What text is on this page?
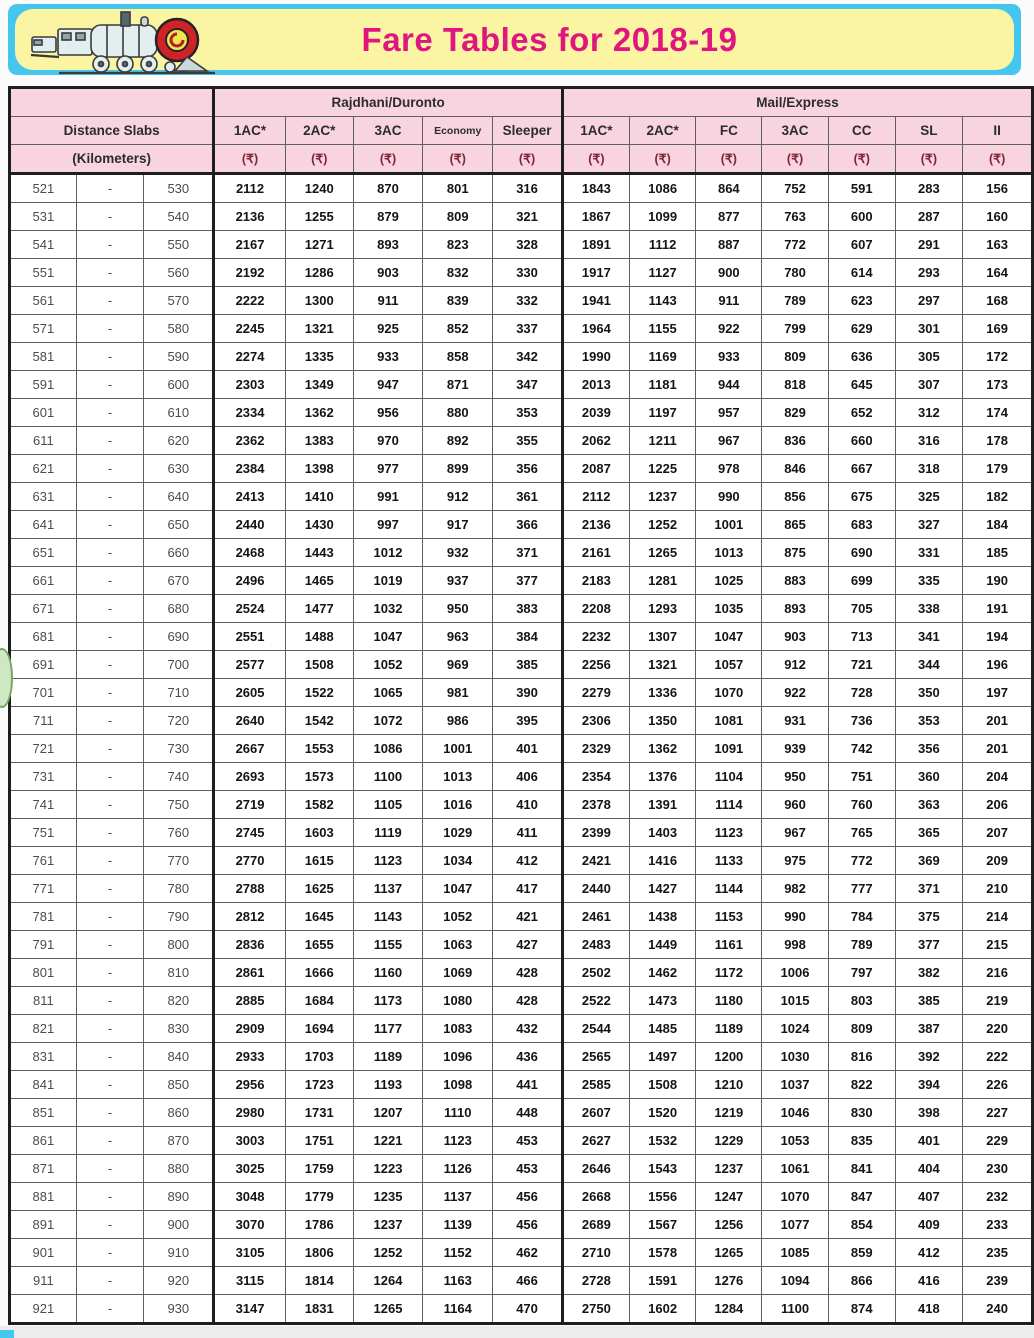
Fare Tables for 2018-19
			Rajdhani/Duronto					Mail/Express						
Distance Slabs			1AC*	2AC*	3AC	Economy	Sleeper	1AC*	2AC*	FC	3AC	CC	SL	II
(Kilometers)			(₹)	(₹)	(₹)	(₹)	(₹)	(₹)	(₹)	(₹)	(₹)	(₹)	(₹)	(₹)
521	-	530	2112	1240	870	801	316	1843	1086	864	752	591	283	156
531	-	540	2136	1255	879	809	321	1867	1099	877	763	600	287	160
541	-	550	2167	1271	893	823	328	1891	1112	887	772	607	291	163
551	-	560	2192	1286	903	832	330	1917	1127	900	780	614	293	164
561	-	570	2222	1300	911	839	332	1941	1143	911	789	623	297	168
571	-	580	2245	1321	925	852	337	1964	1155	922	799	629	301	169
581	-	590	2274	1335	933	858	342	1990	1169	933	809	636	305	172
591	-	600	2303	1349	947	871	347	2013	1181	944	818	645	307	173
601	-	610	2334	1362	956	880	353	2039	1197	957	829	652	312	174
611	-	620	2362	1383	970	892	355	2062	1211	967	836	660	316	178
621	-	630	2384	1398	977	899	356	2087	1225	978	846	667	318	179
631	-	640	2413	1410	991	912	361	2112	1237	990	856	675	325	182
641	-	650	2440	1430	997	917	366	2136	1252	1001	865	683	327	184
651	-	660	2468	1443	1012	932	371	2161	1265	1013	875	690	331	185
661	-	670	2496	1465	1019	937	377	2183	1281	1025	883	699	335	190
671	-	680	2524	1477	1032	950	383	2208	1293	1035	893	705	338	191
681	-	690	2551	1488	1047	963	384	2232	1307	1047	903	713	341	194
691	-	700	2577	1508	1052	969	385	2256	1321	1057	912	721	344	196
701	-	710	2605	1522	1065	981	390	2279	1336	1070	922	728	350	197
711	-	720	2640	1542	1072	986	395	2306	1350	1081	931	736	353	201
721	-	730	2667	1553	1086	1001	401	2329	1362	1091	939	742	356	201
731	-	740	2693	1573	1100	1013	406	2354	1376	1104	950	751	360	204
741	-	750	2719	1582	1105	1016	410	2378	1391	1114	960	760	363	206
751	-	760	2745	1603	1119	1029	411	2399	1403	1123	967	765	365	207
761	-	770	2770	1615	1123	1034	412	2421	1416	1133	975	772	369	209
771	-	780	2788	1625	1137	1047	417	2440	1427	1144	982	777	371	210
781	-	790	2812	1645	1143	1052	421	2461	1438	1153	990	784	375	214
791	-	800	2836	1655	1155	1063	427	2483	1449	1161	998	789	377	215
801	-	810	2861	1666	1160	1069	428	2502	1462	1172	1006	797	382	216
811	-	820	2885	1684	1173	1080	428	2522	1473	1180	1015	803	385	219
821	-	830	2909	1694	1177	1083	432	2544	1485	1189	1024	809	387	220
831	-	840	2933	1703	1189	1096	436	2565	1497	1200	1030	816	392	222
841	-	850	2956	1723	1193	1098	441	2585	1508	1210	1037	822	394	226
851	-	860	2980	1731	1207	1110	448	2607	1520	1219	1046	830	398	227
861	-	870	3003	1751	1221	1123	453	2627	1532	1229	1053	835	401	229
871	-	880	3025	1759	1223	1126	453	2646	1543	1237	1061	841	404	230
881	-	890	3048	1779	1235	1137	456	2668	1556	1247	1070	847	407	232
891	-	900	3070	1786	1237	1139	456	2689	1567	1256	1077	854	409	233
901	-	910	3105	1806	1252	1152	462	2710	1578	1265	1085	859	412	235
911	-	920	3115	1814	1264	1163	466	2728	1591	1276	1094	866	416	239
921	-	930	3147	1831	1265	1164	470	2750	1602	1284	1100	874	418	240
